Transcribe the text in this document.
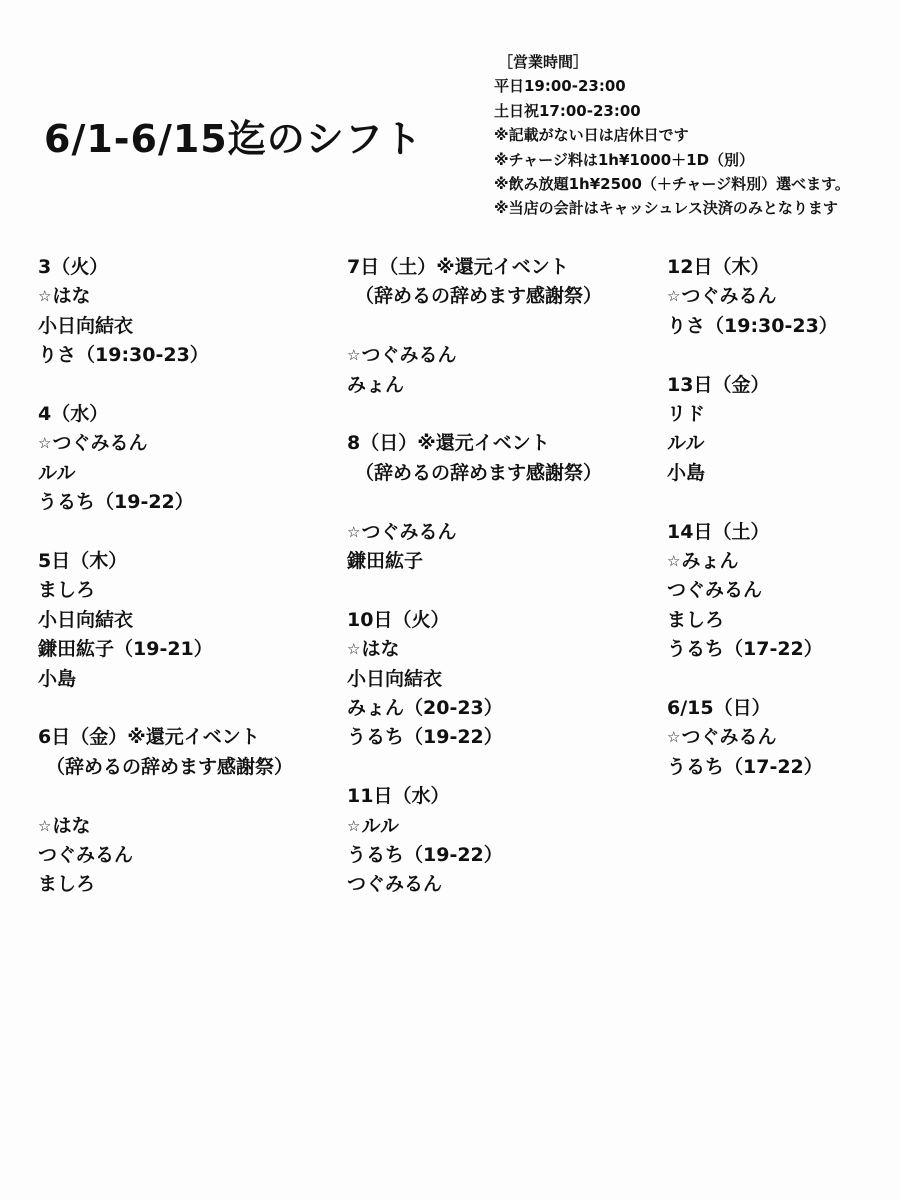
6/1-6/15迄のシフト
［営業時間］
平日19:00-23:00
土日祝17:00-23:00
※記載がない日は店休日です
※チャージ料は1h¥1000＋1D（別）
※飲み放題1h¥2500（＋チャージ料別）選べます。
※当店の会計はキャッシュレス決済のみとなります
3（火）
☆はな
小日向結衣
りさ（19:30-23）
4（水）
☆つぐみるん
ルル
うるち（19-22）
5日（木）
ましろ
小日向結衣
鎌田紘子（19-21）
小島
6日（金）※還元イベント
（辞めるの辞めます感謝祭）
☆はな
つぐみるん
ましろ
7日（土）※還元イベント
（辞めるの辞めます感謝祭）
☆つぐみるん
みょん
8（日）※還元イベント
（辞めるの辞めます感謝祭）
☆つぐみるん
鎌田紘子
10日（火）
☆はな
小日向結衣
みょん（20-23）
うるち（19-22）
11日（水）
☆ルル
うるち（19-22）
つぐみるん
12日（木）
☆つぐみるん
りさ（19:30-23）
13日（金）
リド
ルル
小島
14日（土）
☆みょん
つぐみるん
ましろ
うるち（17-22）
6/15（日）
☆つぐみるん
うるち（17-22）
